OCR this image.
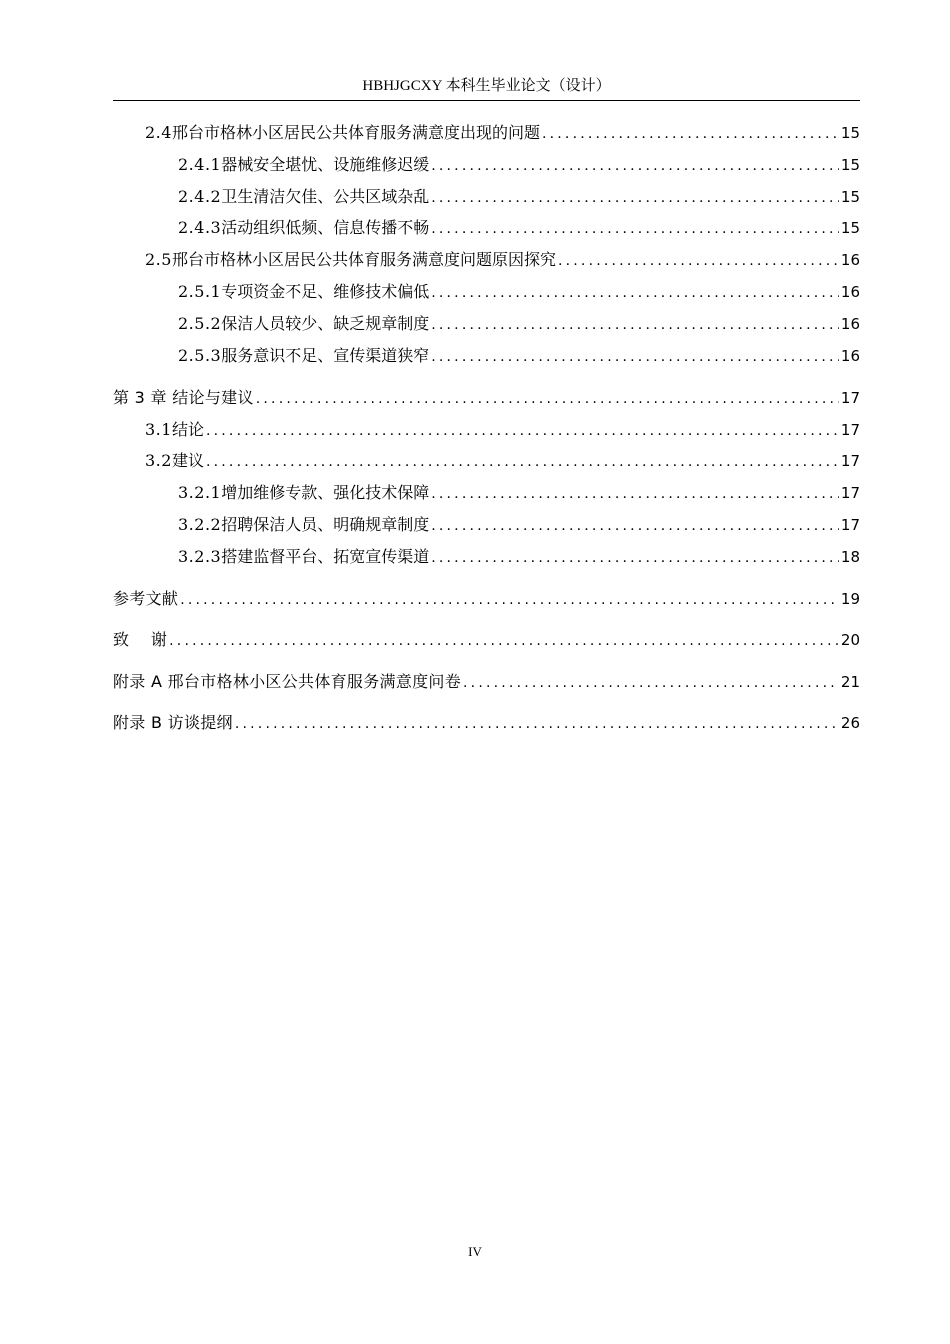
HBHJGCXY 本科生毕业论文（设计）
2.4 邢台市格林小区居民公共体育服务满意度出现的问题 .....	15
2.4.1 器械安全堪忧、设施维修迟缓 .....	15
2.4.2 卫生清洁欠佳、公共区域杂乱 .....	15
2.4.3 活动组织低频、信息传播不畅 .....	15
2.5 邢台市格林小区居民公共体育服务满意度问题原因探究 .....	16
2.5.1 专项资金不足、维修技术偏低 .....	16
2.5.2 保洁人员较少、缺乏规章制度 .....	16
2.5.3 服务意识不足、宣传渠道狭窄 .....	16
第 3 章 结论与建议 .....	17
3.1 结论 .....	17
3.2 建议 .....	17
3.2.1 增加维修专款、强化技术保障 .....	17
3.2.2 招聘保洁人员、明确规章制度 .....	17
3.2.3 搭建监督平台、拓宽宣传渠道 .....	18
参考文献 .....	19
致    谢 .....	20
附录 A 邢台市格林小区公共体育服务满意度问卷 .....	21
附录 B 访谈提纲 .....	26
IV
